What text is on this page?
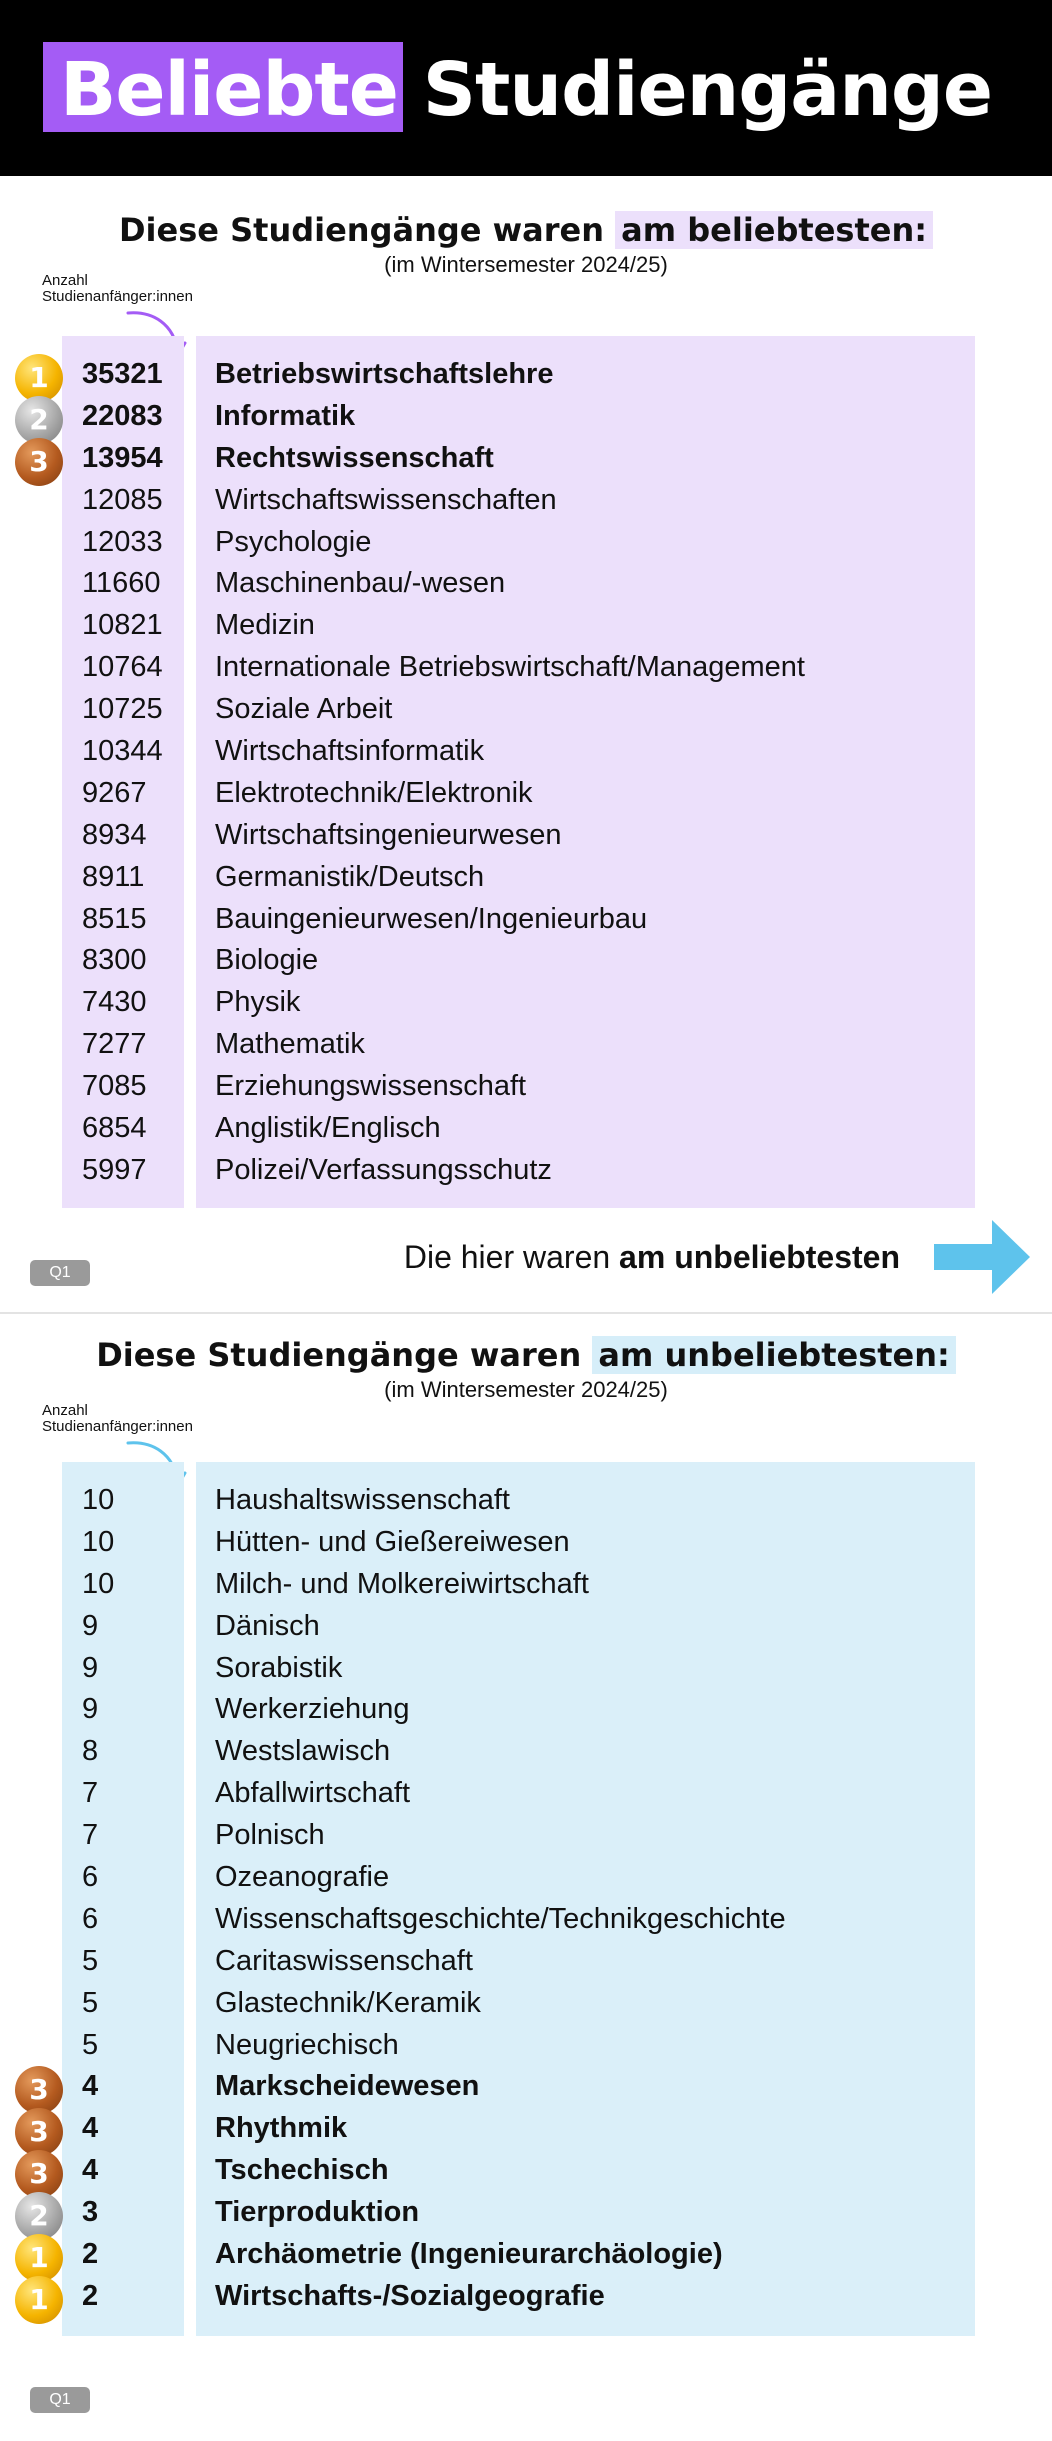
Beliebte Studiengänge
Diese Studiengänge waren am beliebtesten:
(im Wintersemester 2024/25)
Anzahl
Studienanfänger:innen
1	35321 Betriebswirtschaftslehre
2	22083 Informatik
3	13954 Rechtswissenschaft
12085 Wirtschaftswissenschaften
12033 Psychologie
11660 Maschinenbau/-wesen
10821 Medizin
10764 Internationale Betriebswirtschaft/Management
10725 Soziale Arbeit
10344 Wirtschaftsinformatik
9267 Elektrotechnik/Elektronik
8934 Wirtschaftsingenieurwesen
8911 Germanistik/Deutsch
8515 Bauingenieurwesen/Ingenieurbau
8300 Biologie
7430 Physik
7277 Mathematik
7085 Erziehungswissenschaft
6854 Anglistik/Englisch
5997 Polizei/Verfassungsschutz
Q1	Die hier waren am unbeliebtesten
Diese Studiengänge waren am unbeliebtesten:
(im Wintersemester 2024/25)
Anzahl
Studienanfänger:innen
10	Haushaltswissenschaft
10	Hütten- und Gießereiwesen
10	Milch- und Molkereiwirtschaft
9	Dänisch
9	Sorabistik
9	Werkerziehung
8	Westslawisch
7	Abfallwirtschaft
7	Polnisch
6	Ozeanografie
6	Wissenschaftsgeschichte/Technikgeschichte
5	Caritaswissenschaft
5	Glastechnik/Keramik
5	Neugriechisch
3	4	Markscheidewesen
3	4	Rhythmik
3	4	Tschechisch
2	3	Tierproduktion
1	2	Archäometrie (Ingenieurarchäologie)
1	2	Wirtschafts-/Sozialgeografie
Q1
